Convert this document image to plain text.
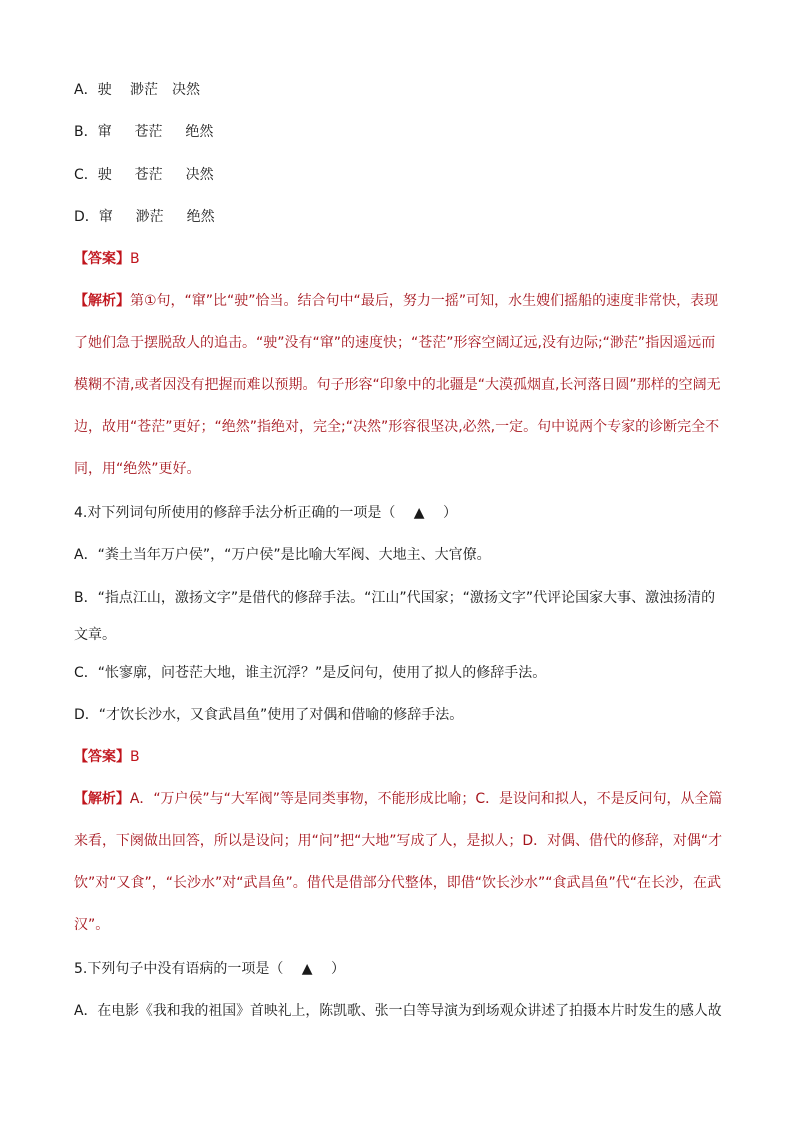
A．驶　 渺茫　决然
B．窜　  苍茫　  绝然
C．驶　  苍茫　  决然
D．窜　  渺茫　  绝然
【答案】B
【解析】第①句，“窜”比“驶”恰当。结合句中“最后，努力一摇”可知，水生嫂们摇船的速度非常快，表现
了她们急于摆脱敌人的追击。“驶”没有“窜”的速度快；“苍茫”形容空阔辽远,没有边际;“渺茫”指因遥远而
模糊不清,或者因没有把握而难以预期。句子形容“印象中的北疆是“大漠孤烟直,长河落日圆”那样的空阔无
边，故用“苍茫”更好；“绝然”指绝对，完全;“决然”形容很坚决,必然,一定。句中说两个专家的诊断完全不
同，用“绝然”更好。
4.对下列词句所使用的修辞手法分析正确的一项是（　 ▲　 ）
A．“粪土当年万户侯”，“万户侯”是比喻大军阀、大地主、大官僚。
B．“指点江山，激扬文字”是借代的修辞手法。“江山”代国家；“激扬文字”代评论国家大事、激浊扬清的
文章。
C．“怅寥廓，问苍茫大地，谁主沉浮？”是反问句，使用了拟人的修辞手法。
D．“才饮长沙水，又食武昌鱼”使用了对偶和借喻的修辞手法。
【答案】B
【解析】A．“万户侯”与“大军阀”等是同类事物，不能形成比喻；C．是设问和拟人，不是反问句，从全篇
来看，下阕做出回答，所以是设问；用“问”把“大地”写成了人，是拟人；D．对偶、借代的修辞，对偶“才
饮”对“又食”，“长沙水”对“武昌鱼”。借代是借部分代整体，即借“饮长沙水”“食武昌鱼”代“在长沙，在武
汉”。
5.下列句子中没有语病的一项是（　 ▲　 ）
A．在电影《我和我的祖国》首映礼上，陈凯歌、张一白等导演为到场观众讲述了拍摄本片时发生的感人故
